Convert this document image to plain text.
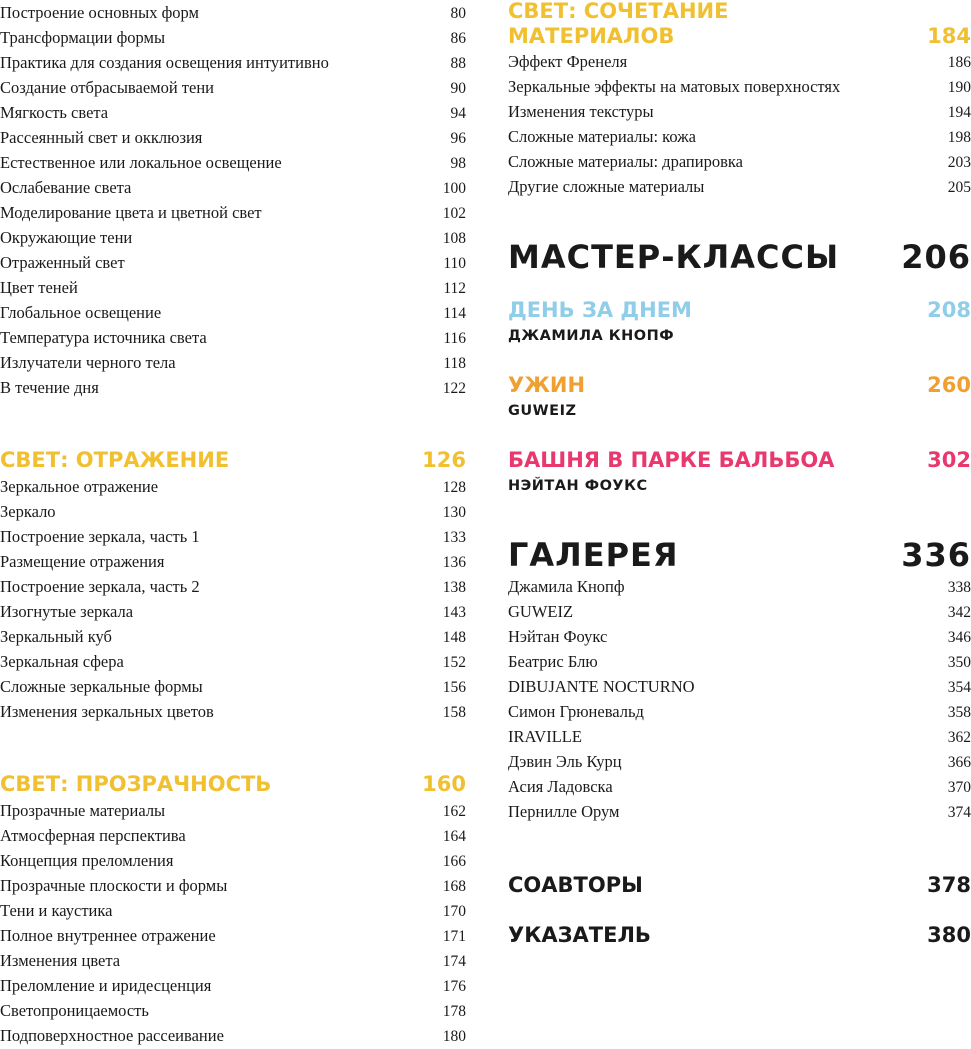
Построение основных форм	80
Трансформации формы	86
Практика для создания освещения интуитивно	88
Создание отбрасываемой тени	90
Мягкость света	94
Рассеянный свет и окклюзия	96
Естественное или локальное освещение	98
Ослабевание света	100
Моделирование цвета и цветной свет	102
Окружающие тени	108
Отраженный свет	110
Цвет теней	112
Глобальное освещение	114
Температура источника света	116
Излучатели черного тела	118
В течение дня	122
СВЕТ: ОТРАЖЕНИЕ	126
Зеркальное отражение	128
Зеркало	130
Построение зеркала, часть 1	133
Размещение отражения	136
Построение зеркала, часть 2	138
Изогнутые зеркала	143
Зеркальный куб	148
Зеркальная сфера	152
Сложные зеркальные формы	156
Изменения зеркальных цветов	158
СВЕТ: ПРОЗРАЧНОСТЬ	160
Прозрачные материалы	162
Атмосферная перспектива	164
Концепция преломления	166
Прозрачные плоскости и формы	168
Тени и каустика	170
Полное внутреннее отражение	171
Изменения цвета	174
Преломление и иридесценция	176
Светопроницаемость	178
Подповерхностное рассеивание	180
СВЕТ: СОЧЕТАНИЕ
МАТЕРИАЛОВ	184
Эффект Френеля	186
Зеркальные эффекты на матовых поверхностях	190
Изменения текстуры	194
Сложные материалы: кожа	198
Сложные материалы: драпировка	203
Другие сложные материалы	205
МАСТЕР-КЛАССЫ 206
ДЕНЬ ЗА ДНЕМ	208
ДЖАМИЛА КНОПФ
УЖИН	260
GUWEIZ
БАШНЯ В ПАРКЕ БАЛЬБОА	302
НЭЙТАН ФОУКС
ГАЛЕРЕЯ	336
Джамила Кнопф	338
GUWEIZ	342
Нэйтан Фоукс	346
Беатрис Блю	350
DIBUJANTE NOCTURNO	354
Симон Грюневальд	358
IRAVILLE	362
Дэвин Эль Курц	366
Асия Ладовска	370
Пернилле Орум	374
СОАВТОРЫ	378
УКАЗАТЕЛЬ	380
